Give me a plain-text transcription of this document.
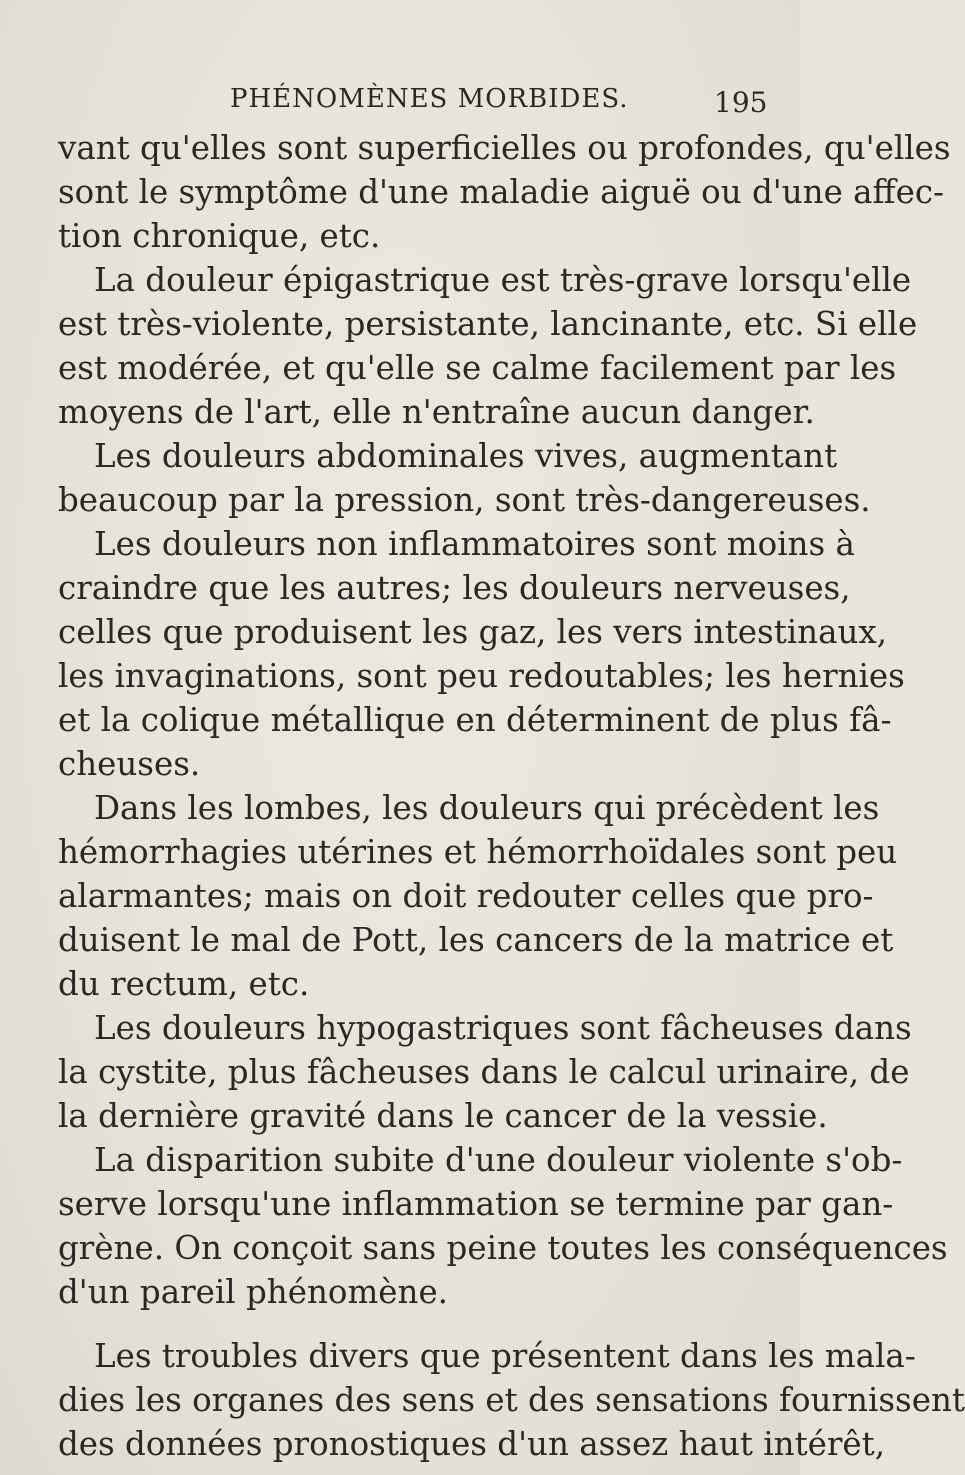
PHÉNOMÈNES MORBIDES.	195
vant qu'elles sont superficielles ou profondes, qu'elles
sont le symptôme d'une maladie aiguë ou d'une affec-
tion chronique, etc.
La douleur épigastrique est très-grave lorsqu'elle
est très-violente, persistante, lancinante, etc. Si elle
est modérée, et qu'elle se calme facilement par les
moyens de l'art, elle n'entraîne aucun danger.
Les douleurs abdominales vives, augmentant
beaucoup par la pression, sont très-dangereuses.
Les douleurs non inflammatoires sont moins à
craindre que les autres; les douleurs nerveuses,
celles que produisent les gaz, les vers intestinaux,
les invaginations, sont peu redoutables; les hernies
et la colique métallique en déterminent de plus fâ-
cheuses.
Dans les lombes, les douleurs qui précèdent les
hémorrhagies utérines et hémorrhoïdales sont peu
alarmantes; mais on doit redouter celles que pro-
duisent le mal de Pott, les cancers de la matrice et
du rectum, etc.
Les douleurs hypogastriques sont fâcheuses dans
la cystite, plus fâcheuses dans le calcul urinaire, de
la dernière gravité dans le cancer de la vessie.
La disparition subite d'une douleur violente s'ob-
serve lorsqu'une inflammation se termine par gan-
grène. On conçoit sans peine toutes les conséquences
d'un pareil phénomène.
Les troubles divers que présentent dans les mala-
dies les organes des sens et des sensations fournissent
des données pronostiques d'un assez haut intérêt,
